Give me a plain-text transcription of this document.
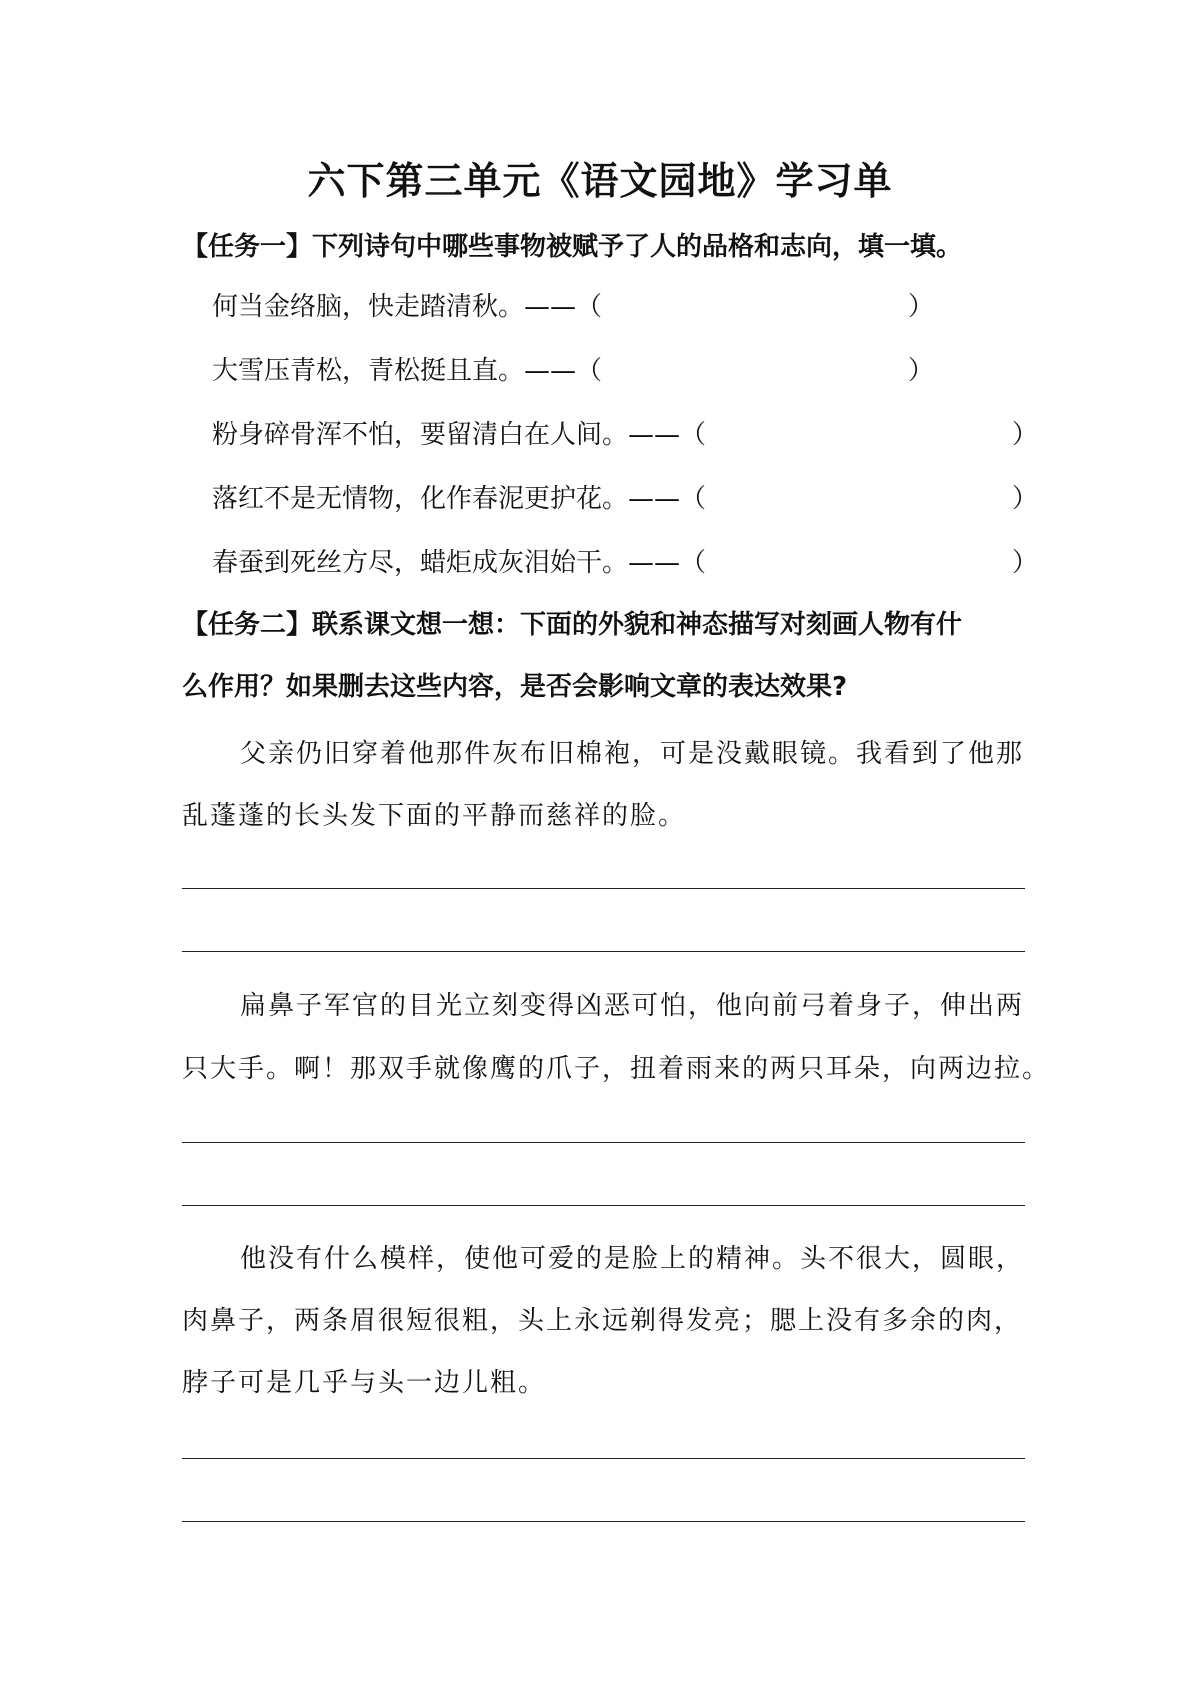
六下第三单元《语文园地》学习单
【任务一】下列诗句中哪些事物被赋予了人的品格和志向，填一填。
何当金络脑，快走踏清秋。——（	）
大雪压青松，青松挺且直。——（	）
粉身碎骨浑不怕，要留清白在人间。——（	）
落红不是无情物，化作春泥更护花。——（	）
春蚕到死丝方尽，蜡炬成灰泪始干。——（	）
【任务二】联系课文想一想：下面的外貌和神态描写对刻画人物有什
么作用？如果删去这些内容，是否会影响文章的表达效果?
父亲仍旧穿着他那件灰布旧棉袍，可是没戴眼镜。我看到了他那
乱蓬蓬的长头发下面的平静而慈祥的脸。
扁鼻子军官的目光立刻变得凶恶可怕，他向前弓着身子，伸出两
只大手。啊！那双手就像鹰的爪子，扭着雨来的两只耳朵，向两边拉。
他没有什么模样，使他可爱的是脸上的精神。头不很大，圆眼，
肉鼻子，两条眉很短很粗，头上永远剃得发亮；腮上没有多余的肉，
脖子可是几乎与头一边儿粗。
